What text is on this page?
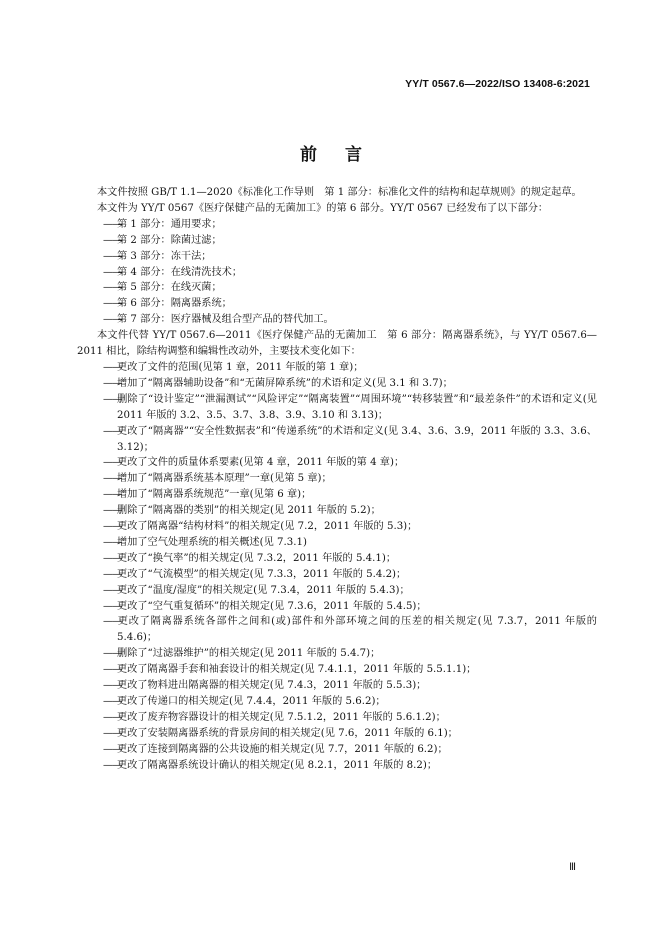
YY/T 0567.6—2022/ISO 13408-6:2021
前言

本文件按照 GB/T 1.1—2020《标准化工作导则　第 1 部分：标准化文件的结构和起草规则》的规定起草。

本文件为 YY/T 0567《医疗保健产品的无菌加工》的第 6 部分。YY/T 0567 已经发布了以下部分：

——第 1 部分：通用要求；

——第 2 部分：除菌过滤；

——第 3 部分：冻干法；

——第 4 部分：在线清洗技术；

——第 5 部分：在线灭菌；

——第 6 部分：隔离器系统；

——第 7 部分：医疗器械及组合型产品的替代加工。

本文件代替 YY/T 0567.6—2011《医疗保健产品的无菌加工　第 6 部分：隔离器系统》，与 YY/T 0567.6—2011 相比，除结构调整和编辑性改动外，主要技术变化如下：

——更改了文件的范围(见第 1 章，2011 年版的第 1 章)；

——增加了“隔离器辅助设备”和“无菌屏障系统”的术语和定义(见 3.1 和 3.7)；

——删除了“设计鉴定”“泄漏测试”“风险评定”“隔离装置”“周围环境”“转移装置”和“最差条件”的术语和定义(见 2011 年版的 3.2、3.5、3.7、3.8、3.9、3.10 和 3.13)；

——更改了“隔离器”“安全性数据表”和“传递系统”的术语和定义(见 3.4、3.6、3.9，2011 年版的 3.3、3.6、3.12)；

——更改了文件的质量体系要素(见第 4 章，2011 年版的第 4 章)；

——增加了“隔离器系统基本原理”一章(见第 5 章)；

——增加了“隔离器系统规范”一章(见第 6 章)；

——删除了“隔离器的类别”的相关规定(见 2011 年版的 5.2)；

——更改了隔离器“结构材料”的相关规定(见 7.2，2011 年版的 5.3)；

——增加了空气处理系统的相关概述(见 7.3.1)

——更改了“换气率”的相关规定(见 7.3.2，2011 年版的 5.4.1)；

——更改了“气流模型”的相关规定(见 7.3.3，2011 年版的 5.4.2)；

——更改了“温度/湿度”的相关规定(见 7.3.4，2011 年版的 5.4.3)；

——更改了“空气重复循环”的相关规定(见 7.3.6，2011 年版的 5.4.5)；

——更改了隔离器系统各部件之间和(或)部件和外部环境之间的压差的相关规定(见 7.3.7，2011 年版的 5.4.6)；

——删除了“过滤器维护”的相关规定(见 2011 年版的 5.4.7)；

——更改了隔离器手套和袖套设计的相关规定(见 7.4.1.1，2011 年版的 5.5.1.1)；

——更改了物料进出隔离器的相关规定(见 7.4.3，2011 年版的 5.5.3)；

——更改了传递口的相关规定(见 7.4.4，2011 年版的 5.6.2)；

——更改了废弃物容器设计的相关规定(见 7.5.1.2，2011 年版的 5.6.1.2)；

——更改了安装隔离器系统的背景房间的相关规定(见 7.6，2011 年版的 6.1)；

——更改了连接到隔离器的公共设施的相关规定(见 7.7，2011 年版的 6.2)；

——更改了隔离器系统设计确认的相关规定(见 8.2.1，2011 年版的 8.2)；

Ⅲ
